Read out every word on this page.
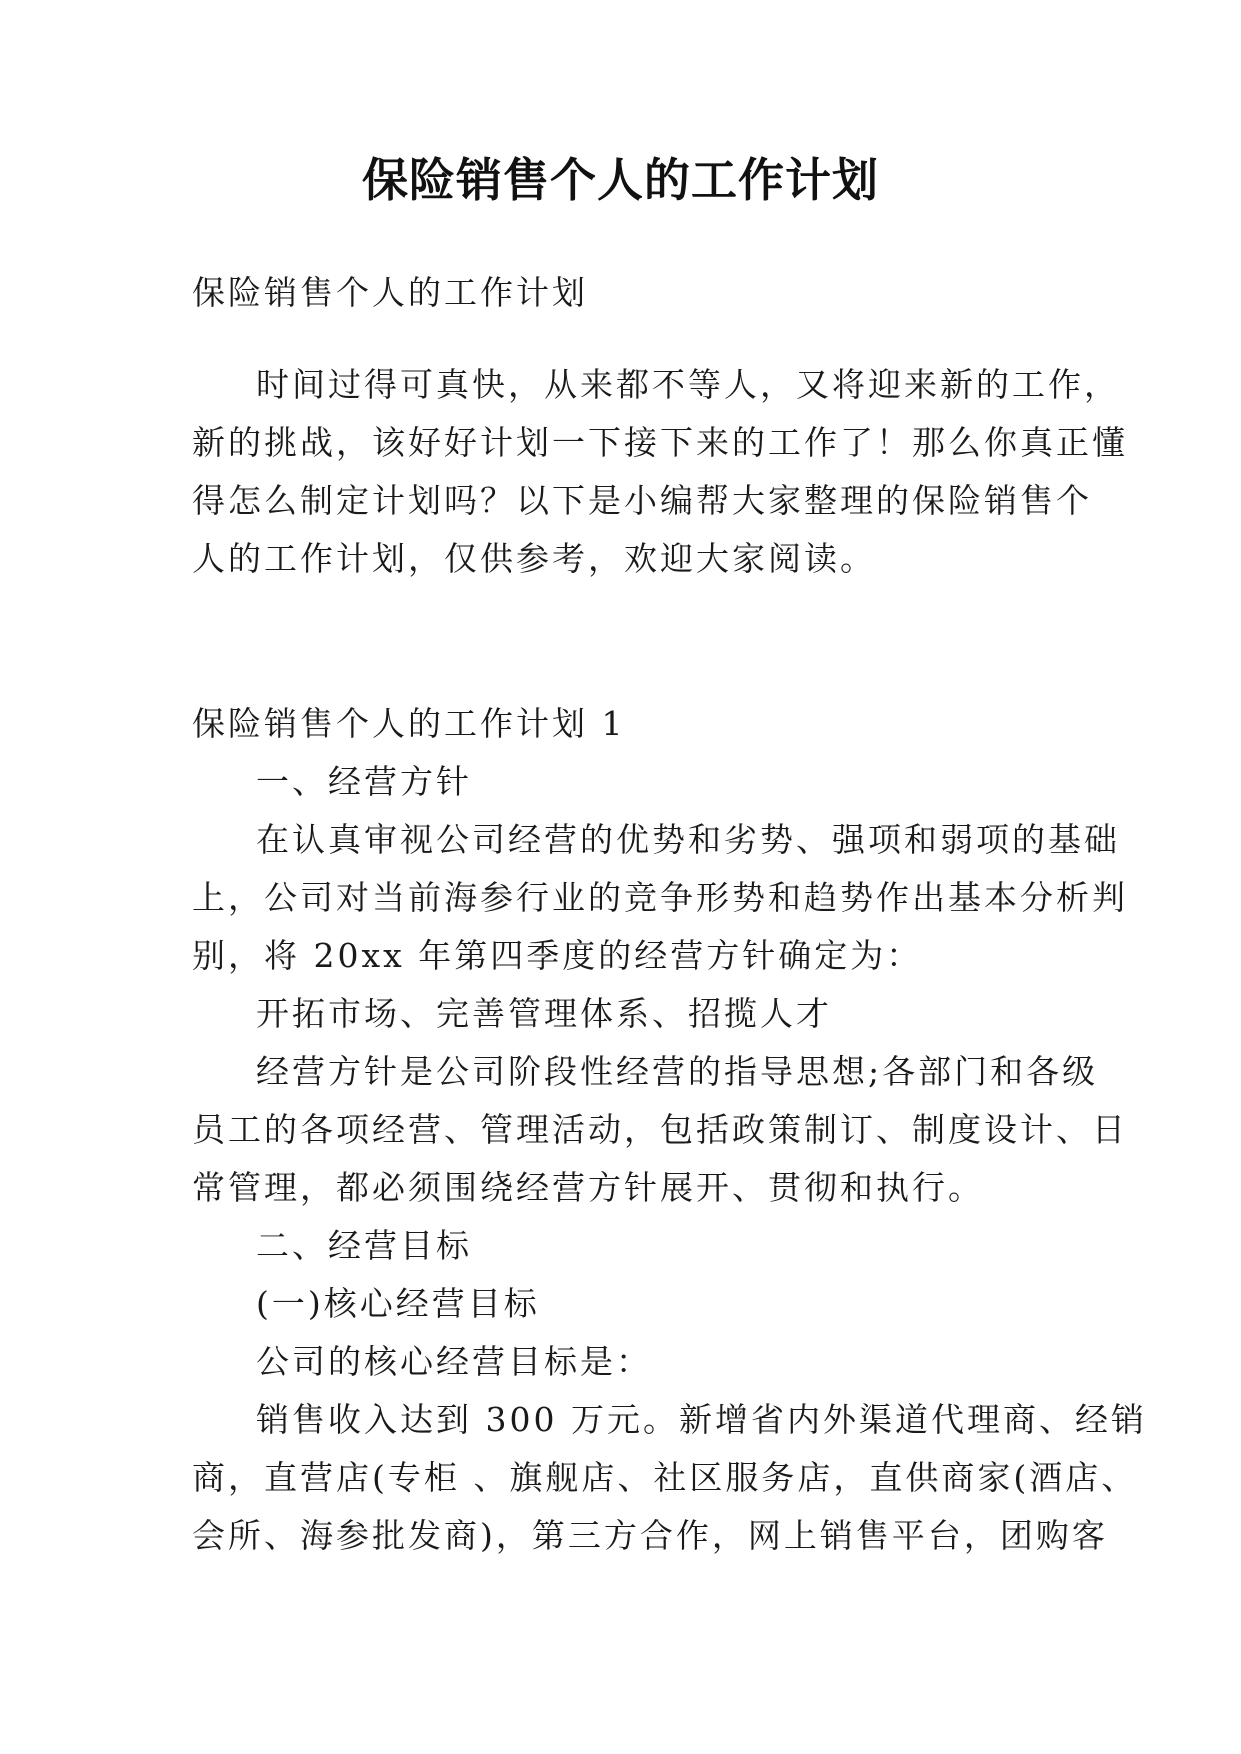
保险销售个人的工作计划

保险销售个人的工作计划

时间过得可真快，从来都不等人，又将迎来新的工作，

新的挑战，该好好计划一下接下来的工作了！那么你真正懂

得怎么制定计划吗？以下是小编帮大家整理的保险销售个

人的工作计划，仅供参考，欢迎大家阅读。

保险销售个人的工作计划 1

一、经营方针

在认真审视公司经营的优势和劣势、强项和弱项的基础

上，公司对当前海参行业的竞争形势和趋势作出基本分析判

别，将 20xx 年第四季度的经营方针确定为：

开拓市场、完善管理体系、招揽人才

经营方针是公司阶段性经营的指导思想;各部门和各级

员工的各项经营、管理活动，包括政策制订、制度设计、日

常管理，都必须围绕经营方针展开、贯彻和执行。

二、经营目标

(一)核心经营目标

公司的核心经营目标是：

销售收入达到 300 万元。新增省内外渠道代理商、经销

商，直营店(专柜 、旗舰店、社区服务店，直供商家(酒店、

会所、海参批发商)，第三方合作，网上销售平台，团购客
